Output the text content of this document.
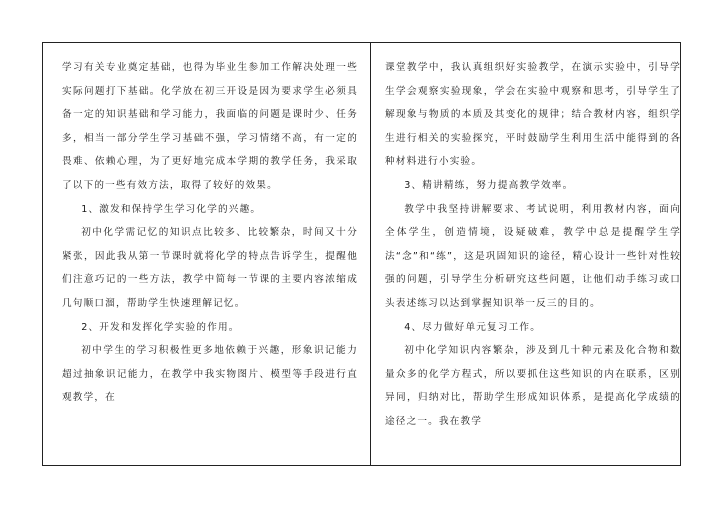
学习有关专业奠定基础，也得为毕业生参加工作解决处理一些实际问题打下基础。化学放在初三开设是因为要求学生必须具备一定的知识基础和学习能力，我面临的问题是课时少、任务多，相当一部分学生学习基础不强，学习情绪不高，有一定的畏难、依赖心理，为了更好地完成本学期的教学任务，我采取了以下的一些有效方法，取得了较好的效果。

1、激发和保持学生学习化学的兴趣。

初中化学需记忆的知识点比较多、比较繁杂，时间又十分紧张，因此我从第一节课时就将化学的特点告诉学生，提醒他们注意巧记的一些方法，教学中简每一节课的主要内容浓缩成几句顺口溜，帮助学生快速理解记忆。

2、开发和发挥化学实验的作用。

初中学生的学习积极性更多地依赖于兴趣，形象识记能力超过抽象识记能力，在教学中我实物图片、模型等手段进行直观教学，在

课堂教学中，我认真组织好实验教学，在演示实验中，引导学生学会观察实验现象，学会在实验中观察和思考，引导学生了解现象与物质的本质及其变化的规律；结合教材内容，组织学生进行相关的实验探究，平时鼓励学生利用生活中能得到的各种材料进行小实验。

3、精讲精练，努力提高教学效率。

教学中我坚持讲解要求、考试说明，利用教材内容，面向全体学生，创造情境，设疑破难，教学中总是提醒学生学法“念”和“练”，这是巩固知识的途径，精心设计一些针对性较强的问题，引导学生分析研究这些问题，让他们动手练习或口头表述练习以达到掌握知识举一反三的目的。

4、尽力做好单元复习工作。

初中化学知识内容繁杂，涉及到几十种元素及化合物和数量众多的化学方程式，所以要抓住这些知识的内在联系，区别异同，归纳对比，帮助学生形成知识体系，是提高化学成绩的途径之一。我在教学
